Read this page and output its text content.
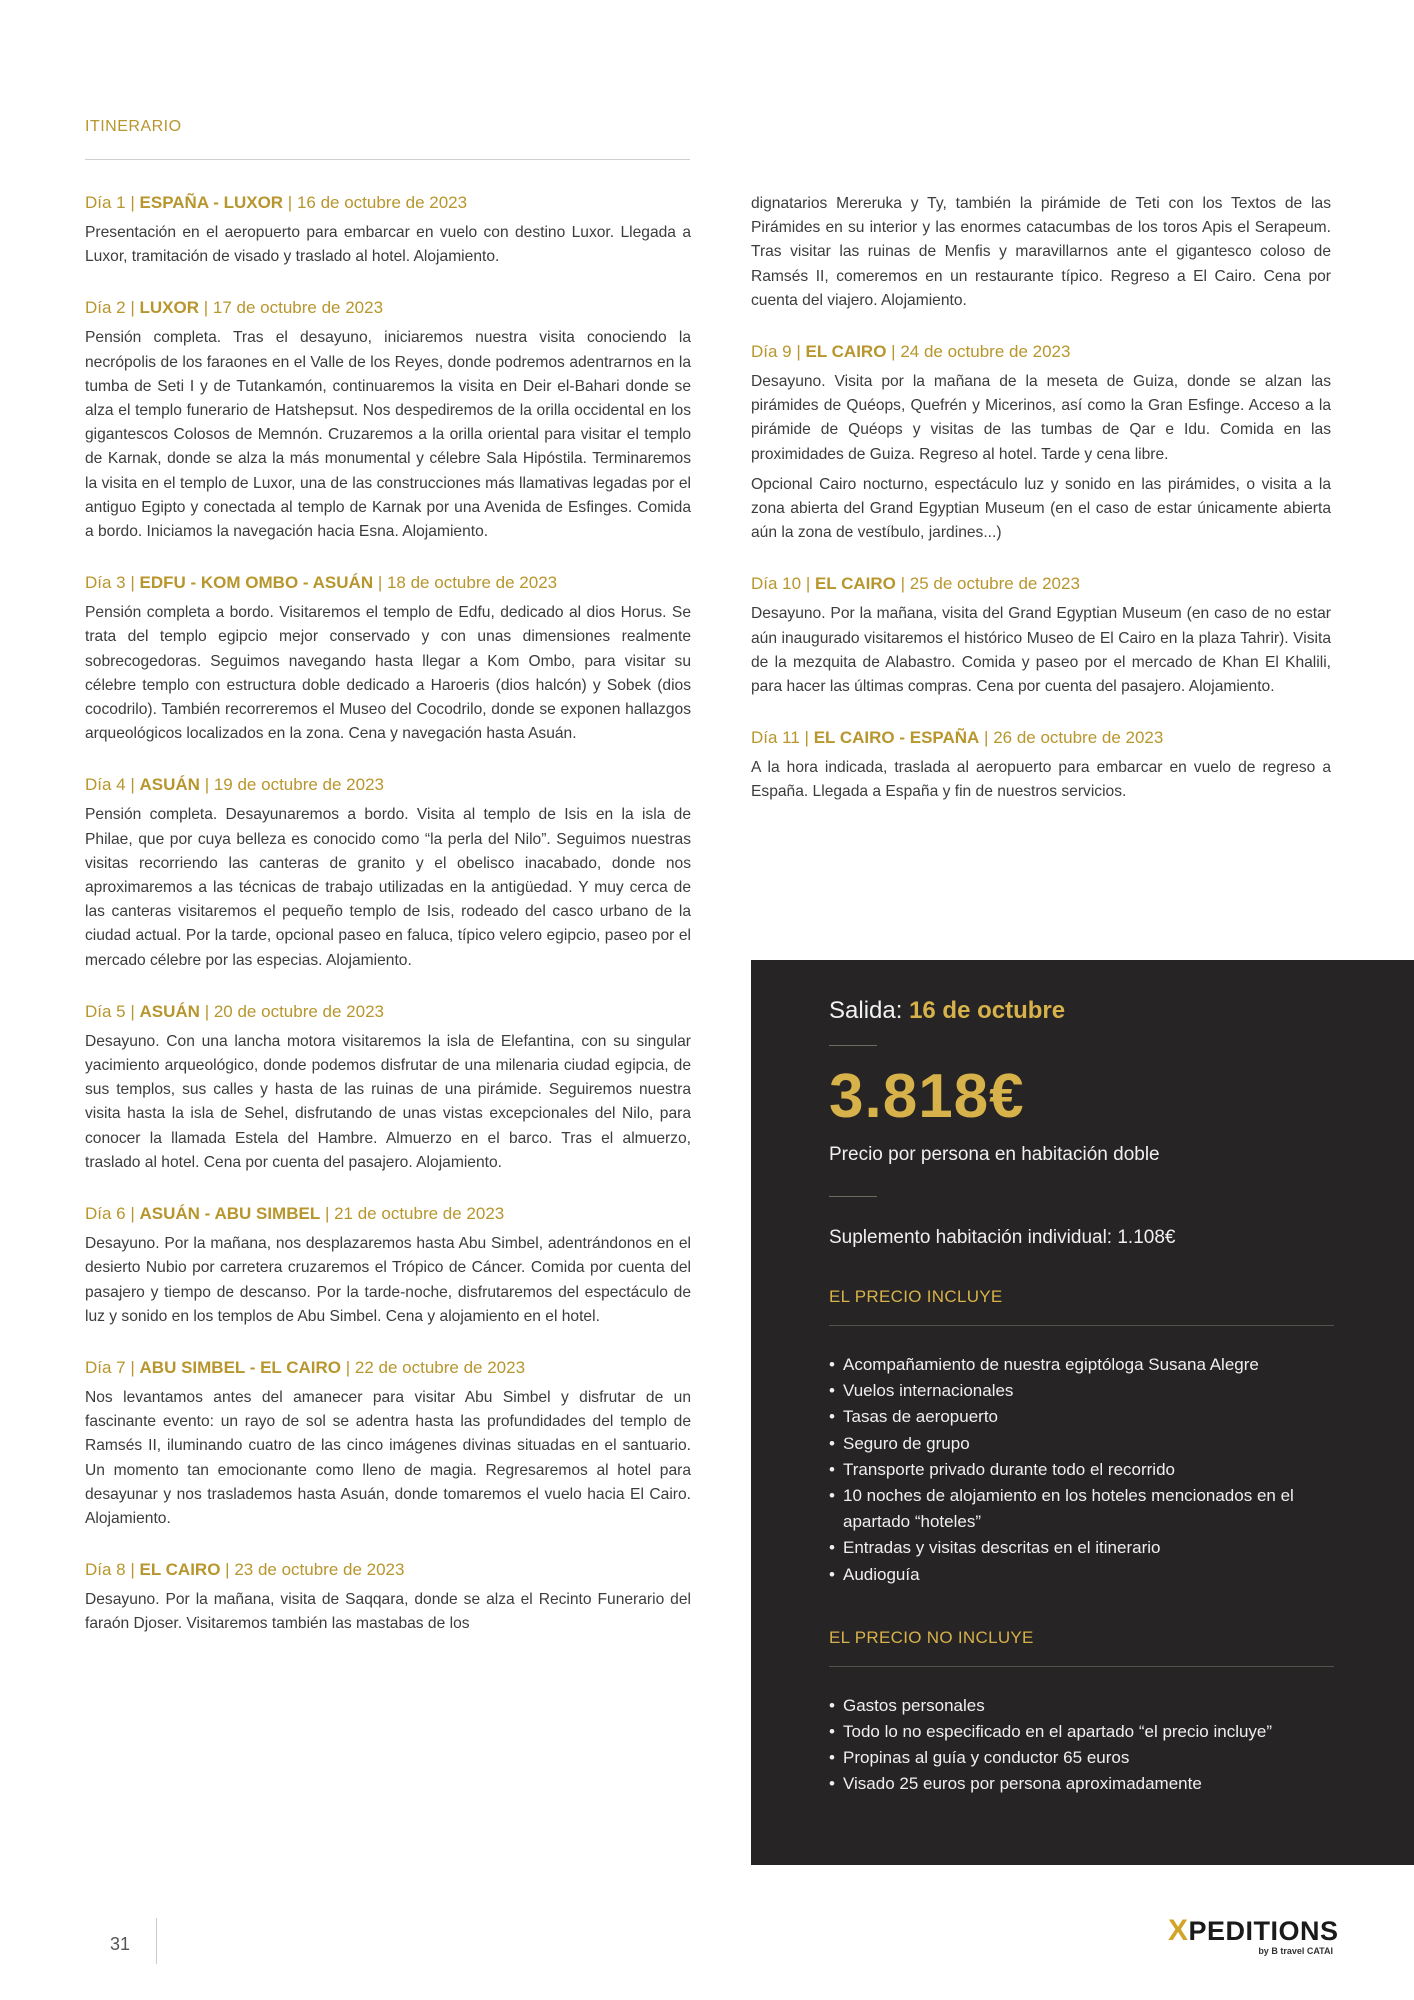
ITINERARIO
Día 1 | ESPAÑA - LUXOR | 16 de octubre de 2023

Presentación en el aeropuerto para embarcar en vuelo con destino Luxor. Llegada a Luxor, tramitación de visado y traslado al hotel. Alojamiento.

Día 2 | LUXOR | 17 de octubre de 2023

Pensión completa. Tras el desayuno, iniciaremos nuestra visita conociendo la necrópolis de los faraones en el Valle de los Reyes, donde podremos adentrarnos en la tumba de Seti I y de Tutankamón, continuaremos la visita en Deir el-Bahari donde se alza el templo funerario de Hatshepsut. Nos despediremos de la orilla occidental en los gigantescos Colosos de Memnón. Cruzaremos a la orilla oriental para visitar el templo de Karnak, donde se alza la más monumental y célebre Sala Hipóstila. Terminaremos la visita en el templo de Luxor, una de las construcciones más llamativas legadas por el antiguo Egipto y conectada al templo de Karnak por una Avenida de Esfinges. Comida a bordo. Iniciamos la navegación hacia Esna. Alojamiento.

Día 3 | EDFU - KOM OMBO - ASUÁN | 18 de octubre de 2023

Pensión completa a bordo. Visitaremos el templo de Edfu, dedicado al dios Horus. Se trata del templo egipcio mejor conservado y con unas dimensiones realmente sobrecogedoras. Seguimos navegando hasta llegar a Kom Ombo, para visitar su célebre templo con estructura doble dedicado a Haroeris (dios halcón) y Sobek (dios cocodrilo). También recorreremos el Museo del Cocodrilo, donde se exponen hallazgos arqueológicos localizados en la zona. Cena y navegación hasta Asuán.

Día 4 | ASUÁN | 19 de octubre de 2023

Pensión completa. Desayunaremos a bordo. Visita al templo de Isis en la isla de Philae, que por cuya belleza es conocido como “la perla del Nilo”. Seguimos nuestras visitas recorriendo las canteras de granito y el obelisco inacabado, donde nos aproximaremos a las técnicas de trabajo utilizadas en la antigüedad. Y muy cerca de las canteras visitaremos el pequeño templo de Isis, rodeado del casco urbano de la ciudad actual. Por la tarde, opcional paseo en faluca, típico velero egipcio, paseo por el mercado célebre por las especias. Alojamiento.

Día 5 | ASUÁN | 20 de octubre de 2023

Desayuno. Con una lancha motora visitaremos la isla de Elefantina, con su singular yacimiento arqueológico, donde podemos disfrutar de una milenaria ciudad egipcia, de sus templos, sus calles y hasta de las ruinas de una pirámide. Seguiremos nuestra visita hasta la isla de Sehel, disfrutando de unas vistas excepcionales del Nilo, para conocer la llamada Estela del Hambre. Almuerzo en el barco. Tras el almuerzo, traslado al hotel. Cena por cuenta del pasajero. Alojamiento.

Día 6 | ASUÁN - ABU SIMBEL | 21 de octubre de 2023

Desayuno. Por la mañana, nos desplazaremos hasta Abu Simbel, adentrándonos en el desierto Nubio por carretera cruzaremos el Trópico de Cáncer. Comida por cuenta del pasajero y tiempo de descanso. Por la tarde-noche, disfrutaremos del espectáculo de luz y sonido en los templos de Abu Simbel. Cena y alojamiento en el hotel.

Día 7 | ABU SIMBEL - EL CAIRO | 22 de octubre de 2023

Nos levantamos antes del amanecer para visitar Abu Simbel y disfrutar de un fascinante evento: un rayo de sol se adentra hasta las profundidades del templo de Ramsés II, iluminando cuatro de las cinco imágenes divinas situadas en el santuario. Un momento tan emocionante como lleno de magia. Regresaremos al hotel para desayunar y nos traslademos hasta Asuán, donde tomaremos el vuelo hacia El Cairo. Alojamiento.

Día 8 | EL CAIRO | 23 de octubre de 2023

Desayuno. Por la mañana, visita de Saqqara, donde se alza el Recinto Funerario del faraón Djoser. Visitaremos también las mastabas de los

dignatarios Mereruka y Ty, también la pirámide de Teti con los Textos de las Pirámides en su interior y las enormes catacumbas de los toros Apis el Serapeum. Tras visitar las ruinas de Menfis y maravillarnos ante el gigantesco coloso de Ramsés II, comeremos en un restaurante típico. Regreso a El Cairo. Cena por cuenta del viajero. Alojamiento.

Día 9 | EL CAIRO | 24 de octubre de 2023

Desayuno. Visita por la mañana de la meseta de Guiza, donde se alzan las pirámides de Quéops, Quefrén y Micerinos, así como la Gran Esfinge. Acceso a la pirámide de Quéops y visitas de las tumbas de Qar e Idu. Comida en las proximidades de Guiza. Regreso al hotel. Tarde y cena libre.

Opcional Cairo nocturno, espectáculo luz y sonido en las pirámides, o visita a la zona abierta del Grand Egyptian Museum (en el caso de estar únicamente abierta aún la zona de vestíbulo, jardines...)

Día 10 | EL CAIRO | 25 de octubre de 2023

Desayuno. Por la mañana, visita del Grand Egyptian Museum (en caso de no estar aún inaugurado visitaremos el histórico Museo de El Cairo en la plaza Tahrir). Visita de la mezquita de Alabastro. Comida y paseo por el mercado de Khan El Khalili, para hacer las últimas compras. Cena por cuenta del pasajero. Alojamiento.

Día 11 | EL CAIRO - ESPAÑA | 26 de octubre de 2023

A la hora indicada, traslada al aeropuerto para embarcar en vuelo de regreso a España. Llegada a España y fin de nuestros servicios.

Salida: 16 de octubre
3.818€
Precio por persona en habitación doble
Suplemento habitación individual: 1.108€
EL PRECIO INCLUYE
• Acompañamiento de nuestra egiptóloga Susana Alegre
• Vuelos internacionales
• Tasas de aeropuerto
• Seguro de grupo
• Transporte privado durante todo el recorrido
• 10 noches de alojamiento en los hoteles mencionados en el apartado “hoteles”
• Entradas y visitas descritas en el itinerario
• Audioguía
EL PRECIO NO INCLUYE
• Gastos personales
• Todo lo no especificado en el apartado “el precio incluye”
• Propinas al guía y conductor 65 euros
• Visado 25 euros por persona aproximadamente
31	XPEDITIONS
by B travel CATAI
